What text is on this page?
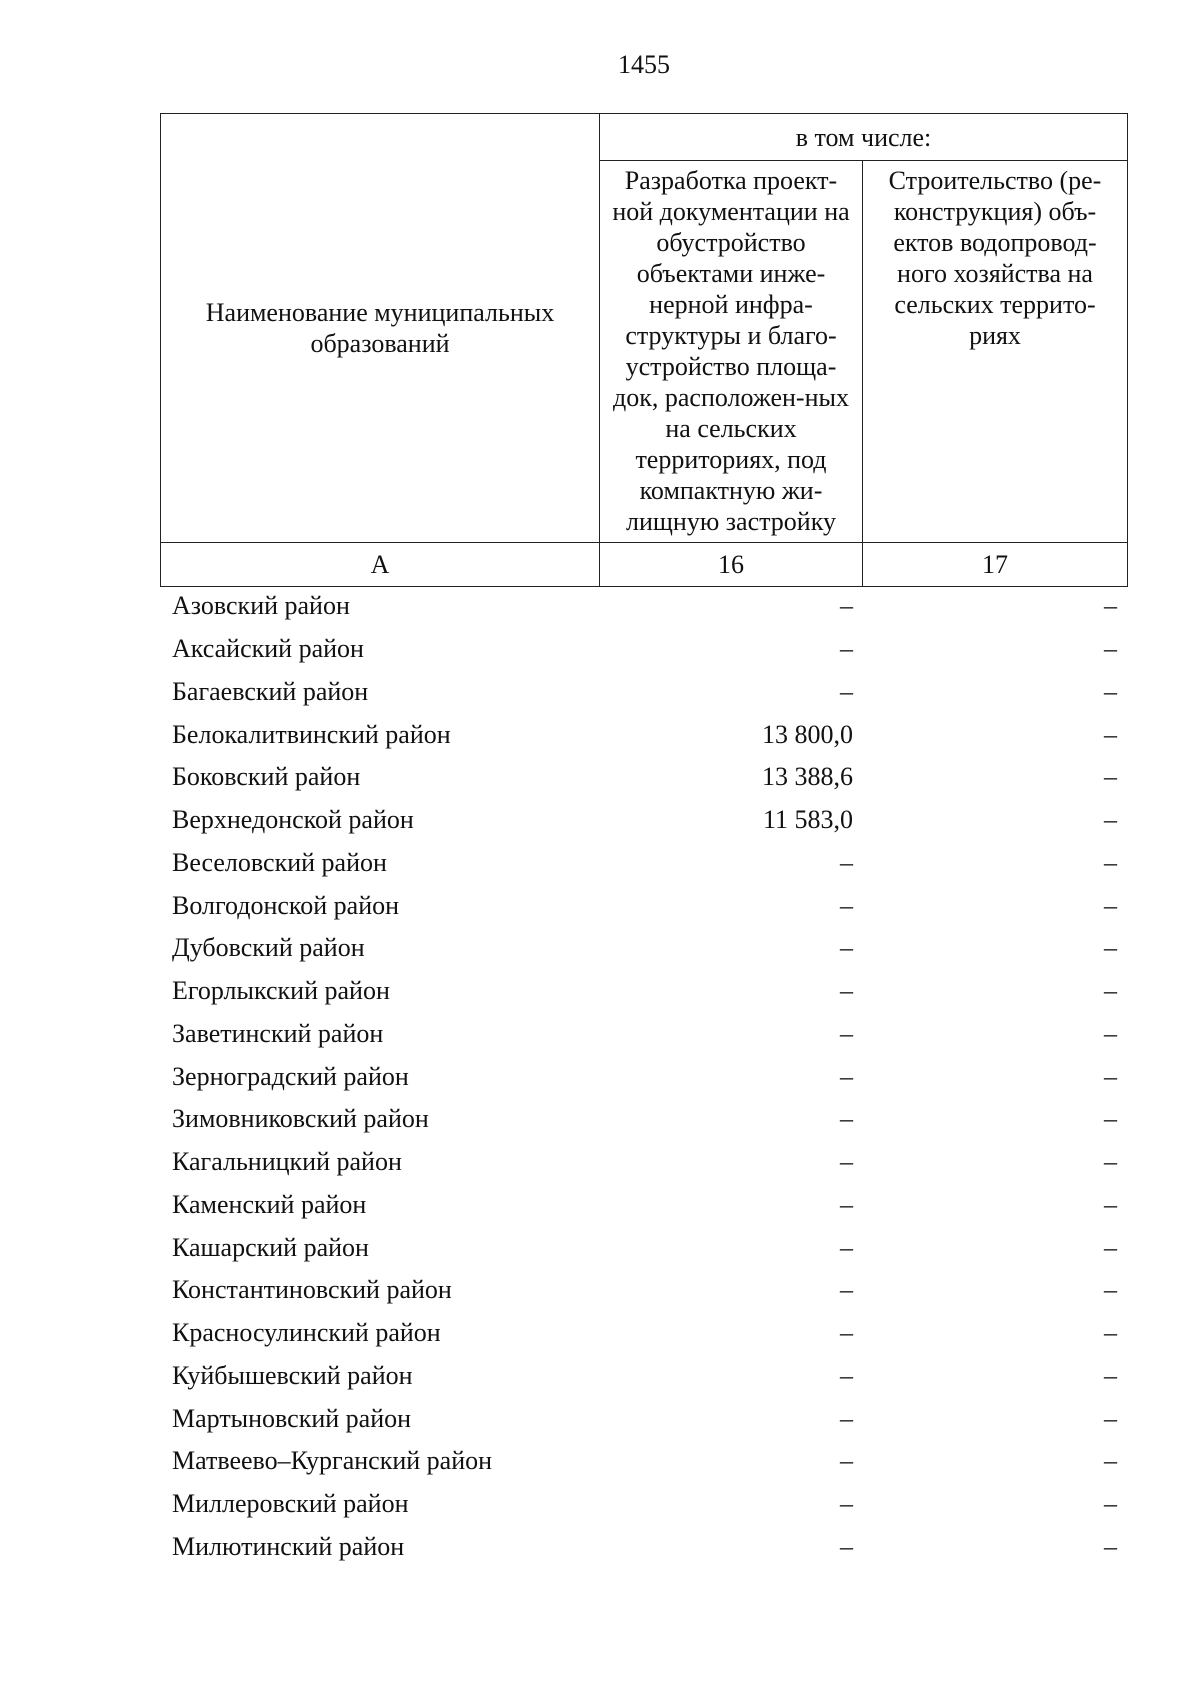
1455
Наименование муниципальных образований	в том числе:	
	Разработка проект-ной документации на обустройство объектами инже-нерной инфра-структуры и благо-устройство площа-док, расположен-ных на сельских территориях, под компактную жи-лищную застройку	Строительство (ре-конструкция) объ-ектов водопровод-ного хозяйства на сельских террито-риях
А	16	17
Азовский район	–	–
Аксайский район	–	–
Багаевский район	–	–
Белокалитвинский район	13 800,0	–
Боковский район	13 388,6	–
Верхнедонской район	11 583,0	–
Веселовский район	–	–
Волгодонской район	–	–
Дубовский район	–	–
Егорлыкский район	–	–
Заветинский район	–	–
Зерноградский район	–	–
Зимовниковский район	–	–
Кагальницкий район	–	–
Каменский район	–	–
Кашарский район	–	–
Константиновский район	–	–
Красносулинский район	–	–
Куйбышевский район	–	–
Мартыновский район	–	–
Матвеево–Курганский район	–	–
Миллеровский район	–	–
Милютинский район	–	–
